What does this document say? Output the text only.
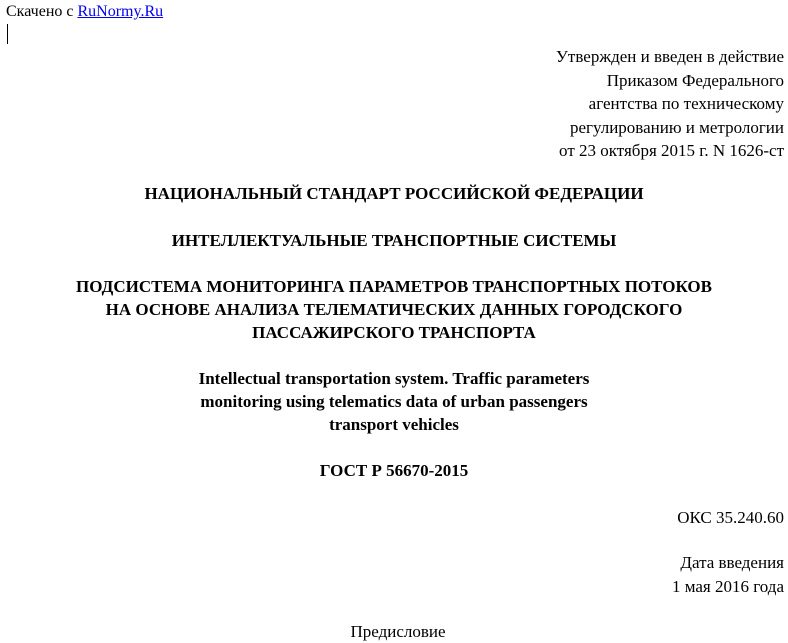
Скачено с RuNormy.Ru
Утвержден и введен в действие
Приказом Федерального
агентства по техническому
регулированию и метрологии
от 23 октября 2015 г. N 1626-ст
НАЦИОНАЛЬНЫЙ СТАНДАРТ РОССИЙСКОЙ ФЕДЕРАЦИИ
ИНТЕЛЛЕКТУАЛЬНЫЕ ТРАНСПОРТНЫЕ СИСТЕМЫ
ПОДСИСТЕМА МОНИТОРИНГА ПАРАМЕТРОВ ТРАНСПОРТНЫХ ПОТОКОВ
НА ОСНОВЕ АНАЛИЗА ТЕЛЕМАТИЧЕСКИХ ДАННЫХ ГОРОДСКОГО
ПАССАЖИРСКОГО ТРАНСПОРТА
Intellectual transportation system. Traffic parameters
monitoring using telematics data of urban passengers
transport vehicles
ГОСТ Р 56670-2015
ОКС 35.240.60
Дата введения
1 мая 2016 года
Предисловие
